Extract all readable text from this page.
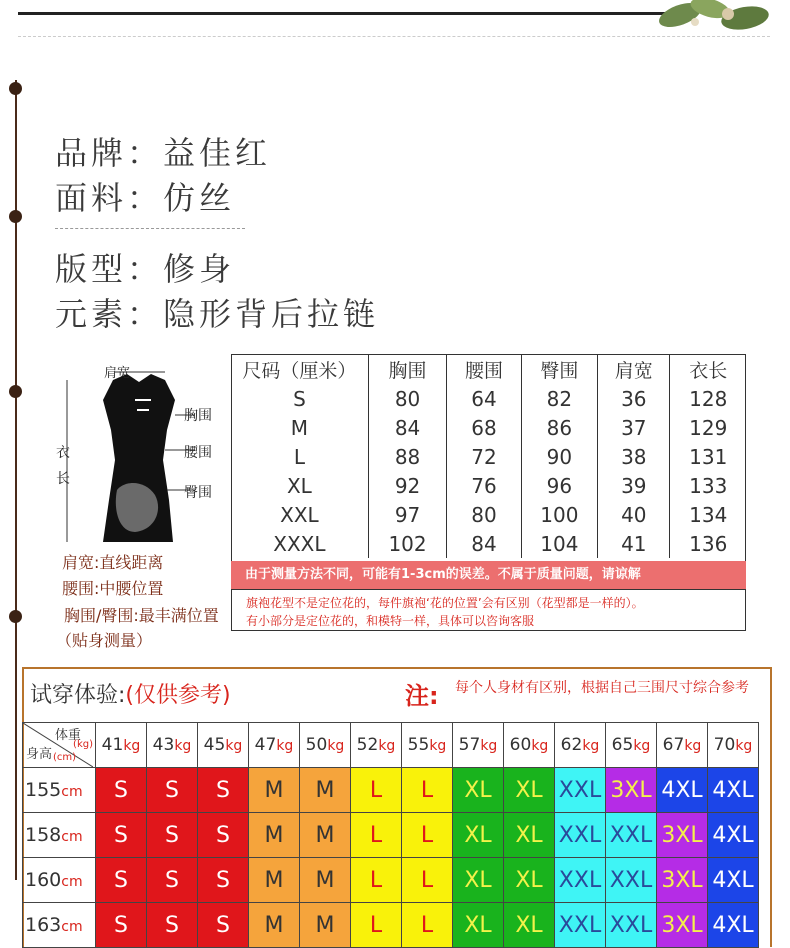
品牌：益佳红
面料：仿丝
版型：修身
元素：隐形背后拉链
肩宽
胸围
腰围
臀围
衣
长
肩宽:直线距离
腰围:中腰位置
胸围/臀围:最丰满位置
（贴身测量）
尺码（厘米）	胸围	腰围	臀围	肩宽	衣长
S	80	64	82	36	128
M	84	68	86	37	129
L	88	72	90	38	131
XL	92	76	96	39	133
XXL	97	80	100	40	134
XXXL	102	84	104	41	136
由于测量方法不同，可能有1-3cm的误差。不属于质量问题，请谅解
旗袍花型不是定位花的，每件旗袍‘花的位置’会有区别（花型都是一样的）。
有小部分是定位花的，和模特一样，具体可以咨询客服
试穿体验:(仅供参考)	注: 每个人身材有区别，根据自己三围尺寸综合参考
体重
(kg)
身高 (cm)	41kg	43kg	45kg	47kg	50kg	52kg	55kg	57kg	60kg	62kg	65kg	67kg	70kg
155cm	S	S	S	M	M	L	L	XL	XL	XXL	3XL	4XL	4XL
158cm	S	S	S	M	M	L	L	XL	XL	XXL	XXL	3XL	4XL
160cm	S	S	S	M	M	L	L	XL	XL	XXL	XXL	3XL	4XL
163cm	S	S	S	M	M	L	L	XL	XL	XXL	XXL	3XL	4XL
